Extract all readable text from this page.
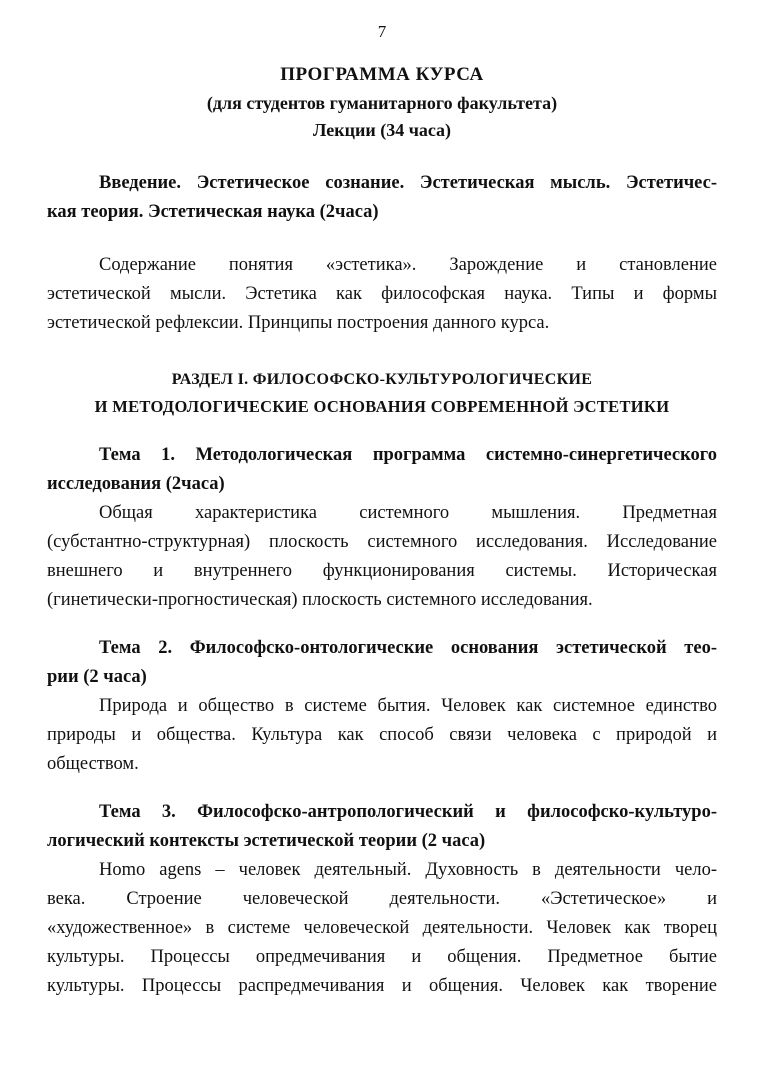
7
ПРОГРАММА КУРСА
(для студентов гуманитарного факультета)
Лекции (34 часа)
Введение. Эстетическое сознание. Эстетическая мысль. Эстетичес-
кая теория. Эстетическая наука (2часа)
Содержание понятия «эстетика». Зарождение и становление
эстетической мысли. Эстетика как философская наука. Типы и формы
эстетической рефлексии. Принципы построения данного курса.
РАЗДЕЛ I. ФИЛОСОФСКО-КУЛЬТУРОЛОГИЧЕСКИЕ
И МЕТОДОЛОГИЧЕСКИЕ ОСНОВАНИЯ СОВРЕМЕННОЙ ЭСТЕТИКИ
Тема 1. Методологическая программа системно-синергетического
исследования (2часа)
Общая характеристика системного мышления. Предметная
(субстантно-структурная) плоскость системного исследования. Исследование
внешнего и внутреннего функционирования системы. Историческая
(гинетически-прогностическая) плоскость системного исследования.
Тема 2. Философско-онтологические основания эстетической тео-
рии (2 часа)
Природа и общество в системе бытия. Человек как системное единство
природы и общества. Культура как способ связи человека с природой и
обществом.
Тема 3. Философско-антропологический и философско-культуро-
логический контексты эстетической теории (2 часа)
Homo agens – человек деятельный. Духовность в деятельности чело-
века. Строение человеческой деятельности. «Эстетическое» и
«художественное» в системе человеческой деятельности. Человек как творец
культуры. Процессы опредмечивания и общения. Предметное бытие
культуры. Процессы распредмечивания и общения. Человек как творение
